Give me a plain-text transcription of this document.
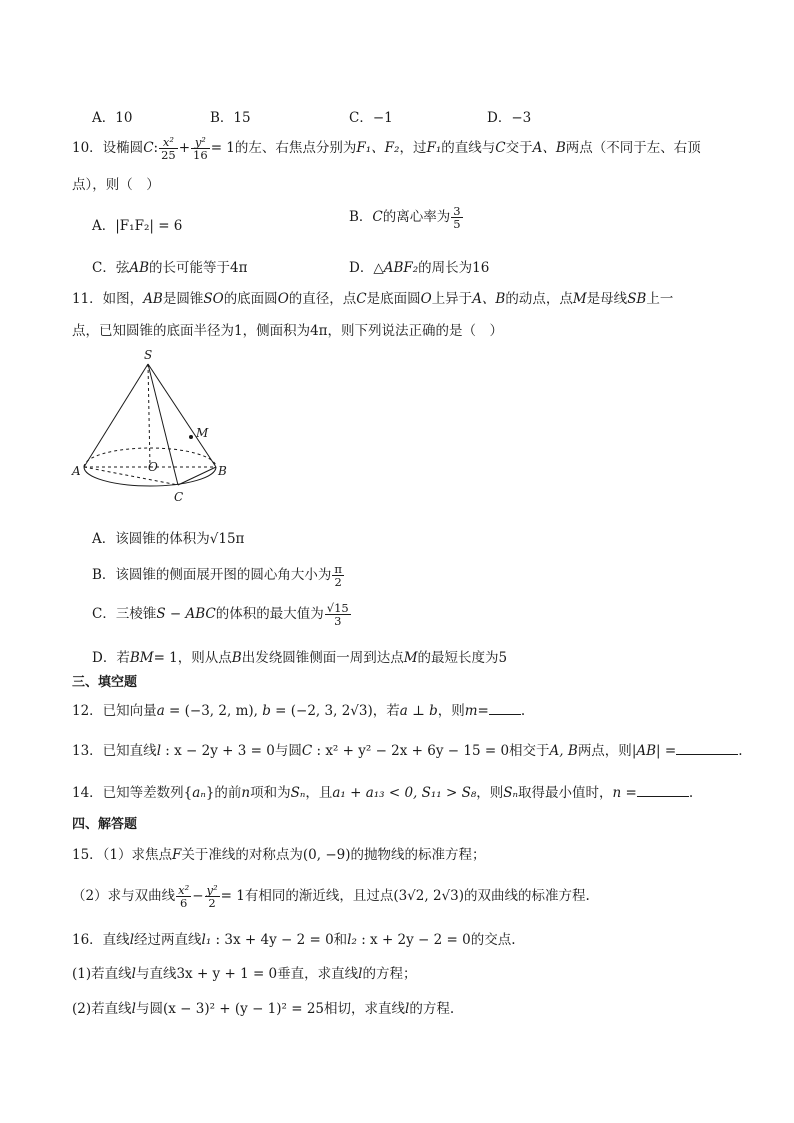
A．10	B．15	C．−1	D．−3
10．设椭圆C: $\frac{\text{x²}}{25} + \frac{\text{y²}}{16} = 1$的左、右焦点分别为F₁、F₂，过F₁的直线与C交于A、B两点（不同于左、右顶
点），则（　）
A．|F₁F₂| = 6
B．C的离心率为 $\frac{3}{5}$
C．弦AB的长可能等于4π	D．△ABF₂的周长为16
11．如图，AB是圆锥SO的底面圆O的直径，点C是底面圆O上异于A、B的动点，点M是母线SB上一
点，已知圆锥的底面半径为1，侧面积为4π，则下列说法正确的是（　）
S
M
O
A	B
C
A．该圆锥的体积为√15π
B．该圆锥的侧面展开图的圆心角大小为 $\frac{\pi}{2}$
C．三棱锥S − ABC的体积的最大值为 $\frac{√15}{3}$
D．若BM= 1，则从点B出发绕圆锥侧面一周到达点M的最短长度为5
三、填空题
12．已知向量a = (−3, 2, m), b = (−2, 3, 2√3)，若a ⊥ b，则m= .
13．已知直线l : x − 2y + 3 = 0与圆C : x² + y² − 2x + 6y − 15 = 0相交于A, B两点，则|AB| =	.
14．已知等差数列{aₙ}的前n项和为Sₙ，且a₁ + a₁₃ < 0, S₁₁ > S₈，则Sₙ取得最小值时，n =	.
四、解答题
15．（1）求焦点F关于准线的对称点为(0, −9)的抛物线的标准方程；
（2）求与双曲线 $\frac{\text{x²}}{6} - \frac{\text{y²}}{2} = 1$有相同的渐近线，且过点(3√2, 2√3)的双曲线的标准方程.
16．直线l经过两直线l₁ : 3x + 4y − 2 = 0和l₂ : x + 2y − 2 = 0的交点.
(1)若直线l与直线3x + y + 1 = 0垂直，求直线l的方程；
(2)若直线l与圆(x − 3)² + (y − 1)² = 25相切，求直线l的方程.
